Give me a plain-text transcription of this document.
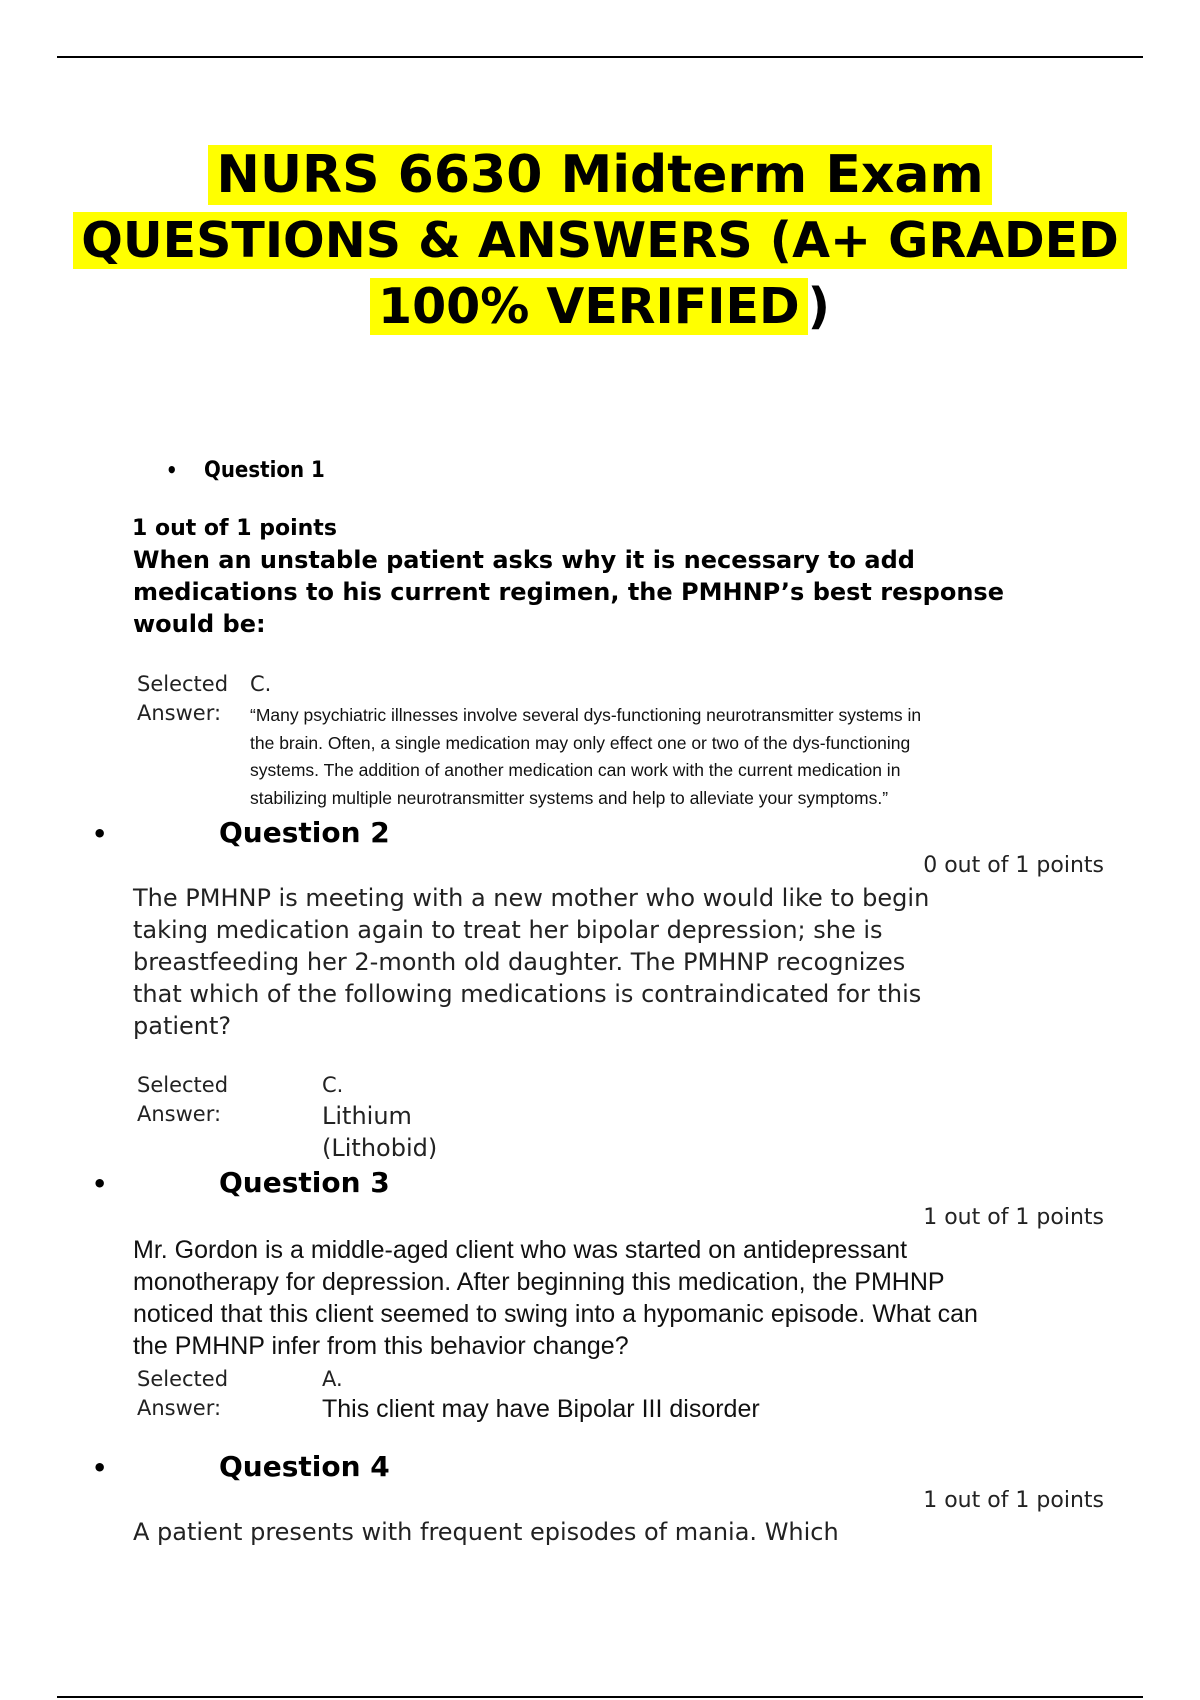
NURS 6630 Midterm Exam
QUESTIONS & ANSWERS (A+ GRADED
100% VERIFIED )
• Question 1
1 out of 1 points
When an unstable patient asks why it is necessary to add
medications to his current regimen, the PMHNP’s best response
would be:
Selected
Answer:
C.
“Many psychiatric illnesses involve several dys-functioning neurotransmitter systems in
the brain. Often, a single medication may only effect one or two of the dys-functioning
systems. The addition of another medication can work with the current medication in
stabilizing multiple neurotransmitter systems and help to alleviate your symptoms.”
•	Question 2
0 out of 1 points
The PMHNP is meeting with a new mother who would like to begin
taking medication again to treat her bipolar depression; she is
breastfeeding her 2-month old daughter. The PMHNP recognizes
that which of the following medications is contraindicated for this
patient?
Selected
Answer:
C.
Lithium
(Lithobid)
•	Question 3
1 out of 1 points
Mr. Gordon is a middle-aged client who was started on antidepressant
monotherapy for depression. After beginning this medication, the PMHNP
noticed that this client seemed to swing into a hypomanic episode. What can
the PMHNP infer from this behavior change?
Selected
Answer:
A.
This client may have Bipolar III disorder
•	Question 4
1 out of 1 points
A patient presents with frequent episodes of mania. Which
